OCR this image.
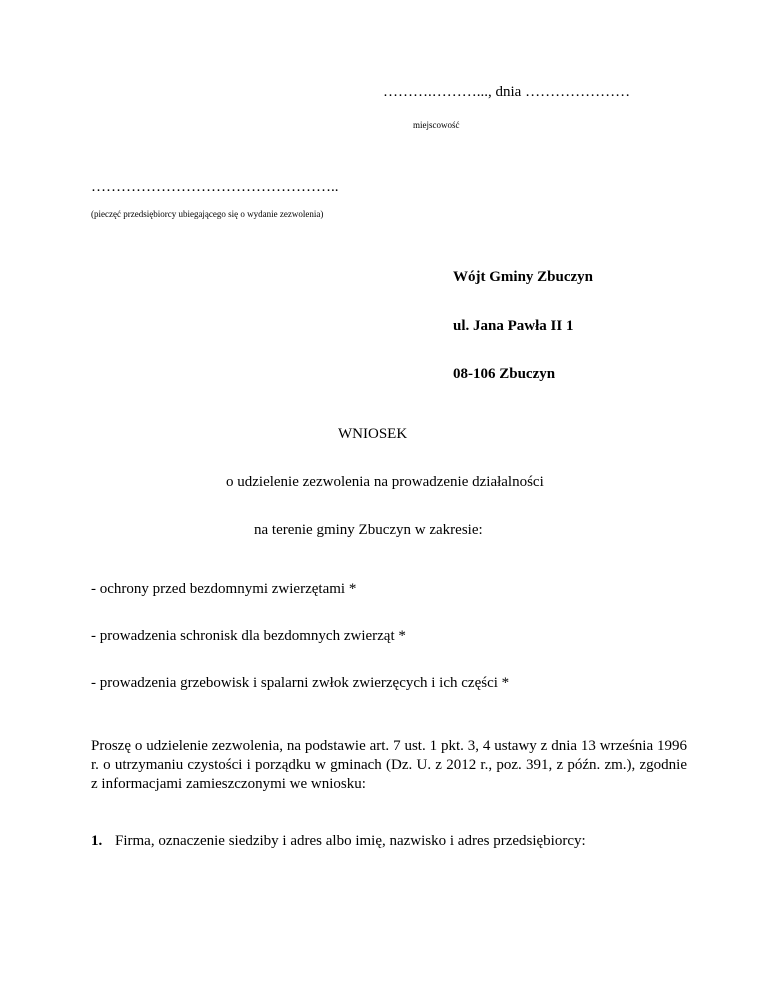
……….………..., dnia …………………
miejscowość
…………………………………………..
(pieczęć przedsiębiorcy ubiegającego się o wydanie zezwolenia)
Wójt Gminy Zbuczyn
ul. Jana Pawła II 1
08-106 Zbuczyn
WNIOSEK
o udzielenie zezwolenia na prowadzenie działalności
na terenie gminy Zbuczyn w zakresie:
- ochrony przed bezdomnymi zwierzętami *
- prowadzenia schronisk dla bezdomnych zwierząt *
- prowadzenia grzebowisk i spalarni zwłok zwierzęcych i ich części *
Proszę o udzielenie zezwolenia, na podstawie art. 7 ust. 1 pkt. 3, 4 ustawy z dnia 13 września 1996 r. o utrzymaniu czystości i porządku w gminach (Dz. U. z 2012 r., poz. 391, z późn. zm.), zgodnie z informacjami zamieszczonymi we wniosku:
1. Firma, oznaczenie siedziby i adres albo imię, nazwisko i adres przedsiębiorcy:
